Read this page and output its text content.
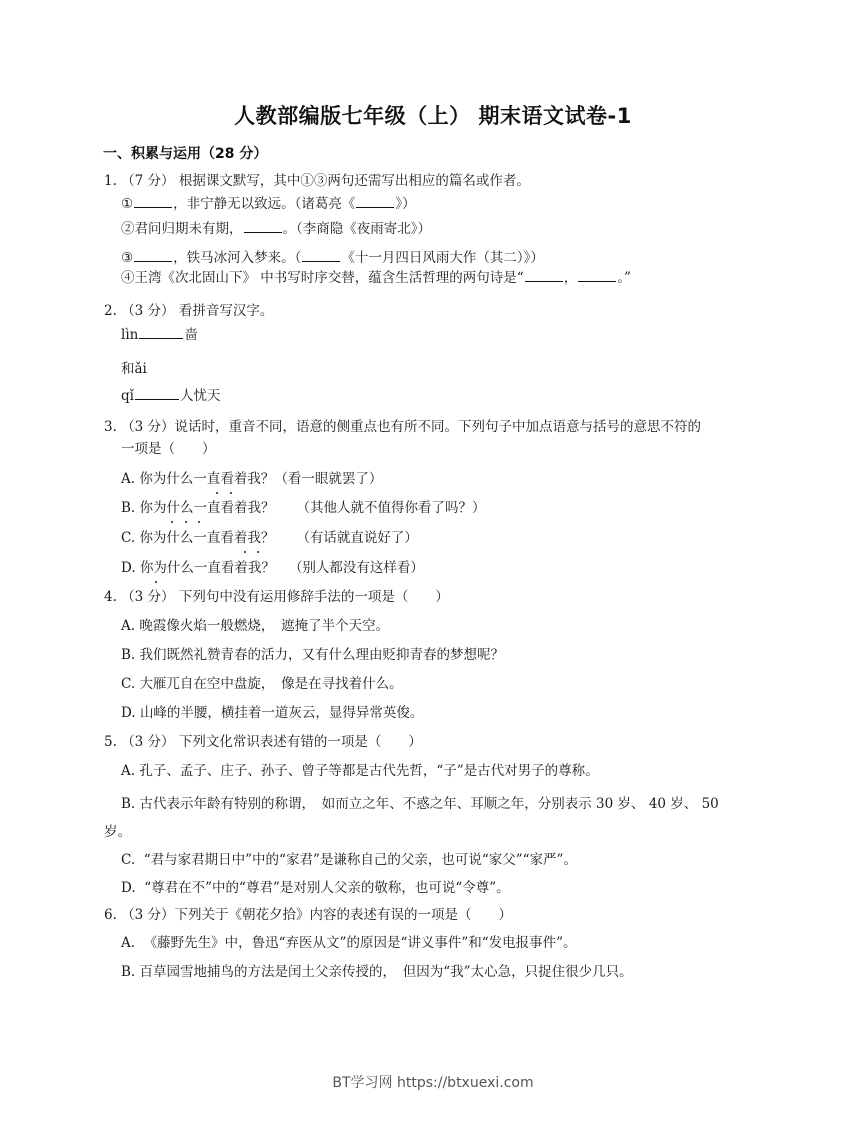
人教部编版七年级（上） 期末语文试卷-1
一、积累与运用（28 分）
1. （7 分） 根据课文默写，其中①③两句还需写出相应的篇名或作者。
①	，非宁静无以致远。（诸葛亮《	》）
②君问归期未有期，	。（李商隐《夜雨寄北》）
③	，铁马冰河入梦来。（	《十一月四日风雨大作（其二）》）
④王湾《次北固山下》 中书写时序交替，蕴含生活哲理的两句诗是“	，	。”
2. （3 分） 看拼音写汉字。
lìn	啬
和ǎi
qǐ	人忧天
3. （3 分）说话时，重音不同，语意的侧重点也有所不同。下列句子中加点语意与括号的意思不符的
一项是（　　）
A. 你为什么一直看着我？（看一眼就罢了）
B. 你为什么一直看着我？ （其他人就不值得你看了吗？）
C. 你为什么一直看着我？ （有话就直说好了）
D. 你为什么一直看着我？ （别人都没有这样看）
4. （3 分） 下列句中没有运用修辞手法的一项是（　　）
A. 晚霞像火焰一般燃烧，　遮掩了半个天空。
B. 我们既然礼赞青春的活力，又有什么理由贬抑青春的梦想呢？
C. 大雁兀自在空中盘旋，　像是在寻找着什么。
D. 山峰的半腰，横挂着一道灰云，显得异常英俊。
5. （3 分） 下列文化常识表述有错的一项是（　　）
A. 孔子、孟子、庄子、孙子、曾子等都是古代先哲，“子”是古代对男子的尊称。
B. 古代表示年龄有特别的称谓，　如而立之年、不惑之年、耳顺之年，分别表示 30 岁、 40 岁、 50
岁。
C. “君与家君期日中”中的“家君”是谦称自己的父亲，也可说“家父”“家严”。
D. “尊君在不”中的“尊君”是对别人父亲的敬称，也可说“令尊”。
6. （3 分）下列关于《朝花夕拾》内容的表述有误的一项是（　　）
A. 《藤野先生》中，鲁迅“弃医从文”的原因是“讲义事件”和“发电报事件”。
B. 百草园雪地捕鸟的方法是闰土父亲传授的，　但因为“我”太心急，只捉住很少几只。
BT学习网 https://btxuexi.com
